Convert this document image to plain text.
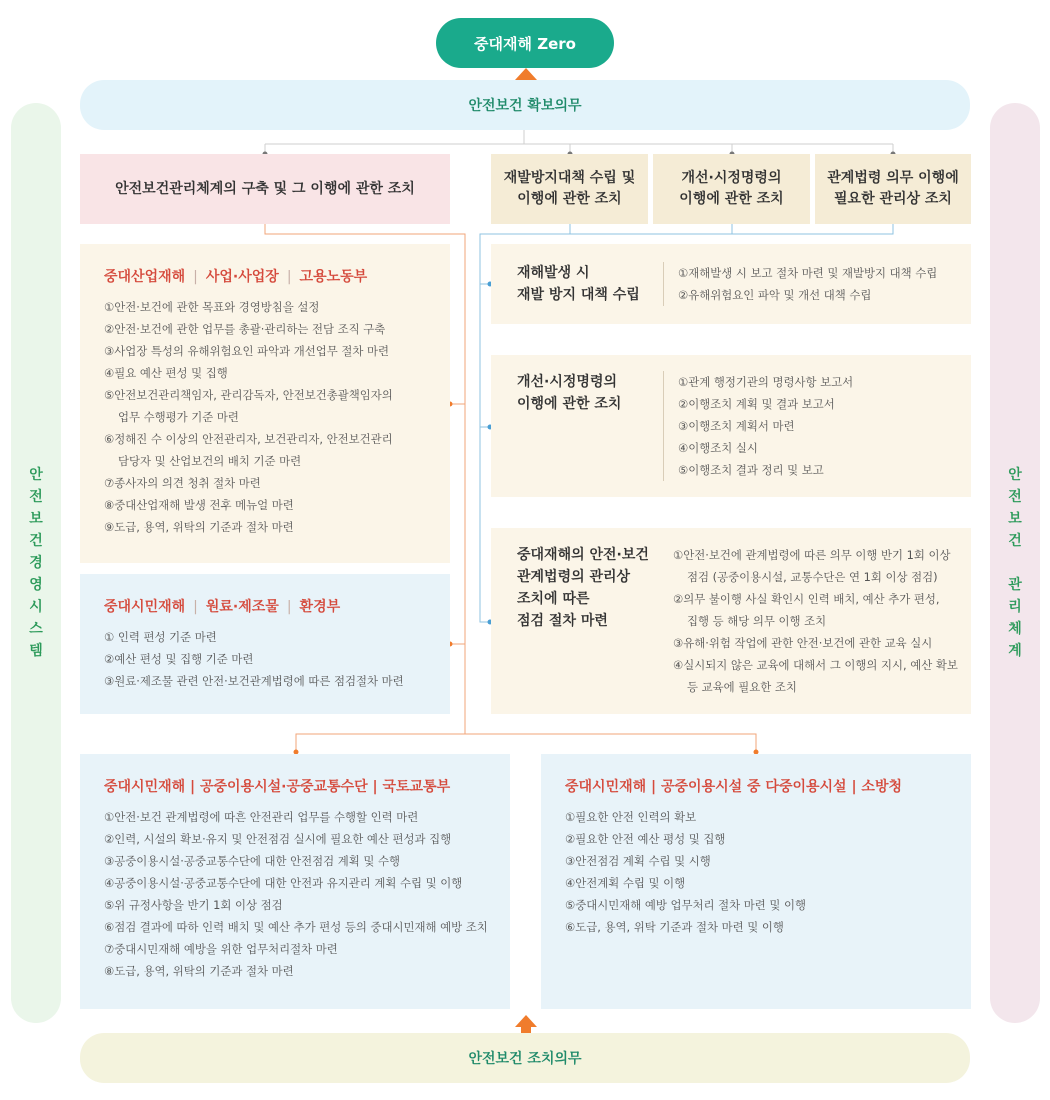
중대재해 Zero
안전보건 확보의무
안
전
보
건
경
영
시
스
템
안
전
보
건

관
리
체
계
안전보건관리체계의 구축 및 그 이행에 관한 조치
재발방지대책 수립 및
이행에 관한 조치
개선·시정명령의
이행에 관한 조치
관계법령 의무 이행에
필요한 관리상 조치
중대산업재해 | 사업·사업장 | 고용노동부
①안전·보건에 관한 목표와 경영방침을 설정
②안전·보건에 관한 업무를 총괄·관리하는 전담 조직 구축
③사업장 특성의 유해위험요인 파악과 개선업무 절차 마련
④필요 예산 편성 및 집행
⑤안전보건관리책임자, 관리감독자, 안전보건총괄책임자의
업무 수행평가 기준 마련
⑥정해진 수 이상의 안전관리자, 보건관리자, 안전보건관리
담당자 및 산업보건의 배치 기준 마련
⑦종사자의 의견 청취 절차 마련
⑧중대산업재해 발생 전후 메뉴얼 마련
⑨도급, 용역, 위탁의 기준과 절차 마련
중대시민재해 | 원료·제조물 | 환경부
① 인력 편성 기준 마련
②예산 편성 및 집행 기준 마련
③원료·제조물 관련 안전·보건관계법령에 따른 점검절차 마련
재해발생 시
재발 방지 대책 수립
①재해발생 시 보고 절차 마련 및 재발방지 대책 수립
②유해위험요인 파악 및 개선 대책 수립
개선·시정명령의
이행에 관한 조치
①관계 행정기관의 명령사항 보고서
②이행조치 계획 및 결과 보고서
③이행조치 계획서 마련
④이행조치 실시
⑤이행조치 결과 정리 및 보고
중대재해의 안전·보건
관계법령의 관리상
조치에 따른
점검 절차 마련
①안전·보건에 관계법령에 따른 의무 이행 반기 1회 이상
점검 (공중이용시설, 교통수단은 연 1회 이상 점검)
②의무 불이행 사실 확인시 인력 배치, 예산 추가 편성,
집행 등 해당 의무 이행 조치
③유해·위험 작업에 관한 안전·보건에 관한 교육 실시
④실시되지 않은 교육에 대해서 그 이행의 지시, 예산 확보
등 교육에 필요한 조치
중대시민재해 | 공중이용시설·공중교통수단 | 국토교통부
①안전·보건 관계법령에 따흔 안전관리 업무를 수행할 인력 마련
②인력, 시설의 확보·유지 및 안전점검 실시에 필요한 예산 편성과 집행
③공중이용시설·공중교통수단에 대한 안전점검 계획 및 수행
④공중이용시설·공중교통수단에 대한 안전과 유지관리 계획 수립 및 이행
⑤위 규정사항을 반기 1회 이상 점검
⑥점검 결과에 따하 인력 배치 및 예산 추가 편성 등의 중대시민재해 예방 조치
⑦중대시민재해 예방을 위한 업무처리절차 마련
⑧도급, 용역, 위탁의 기준과 절차 마련
중대시민재해 | 공중이용시설 중 다중이용시설 | 소방청
①필요한 안전 인력의 확보
②필요한 안전 예산 평성 및 집행
③안전점검 계획 수립 및 시행
④안전계획 수립 및 이행
⑤중대시민재해 예방 업무처리 절차 마련 및 이행
⑥도급, 용역, 위탁 기준과 절차 마련 및 이행
안전보건 조치의무
